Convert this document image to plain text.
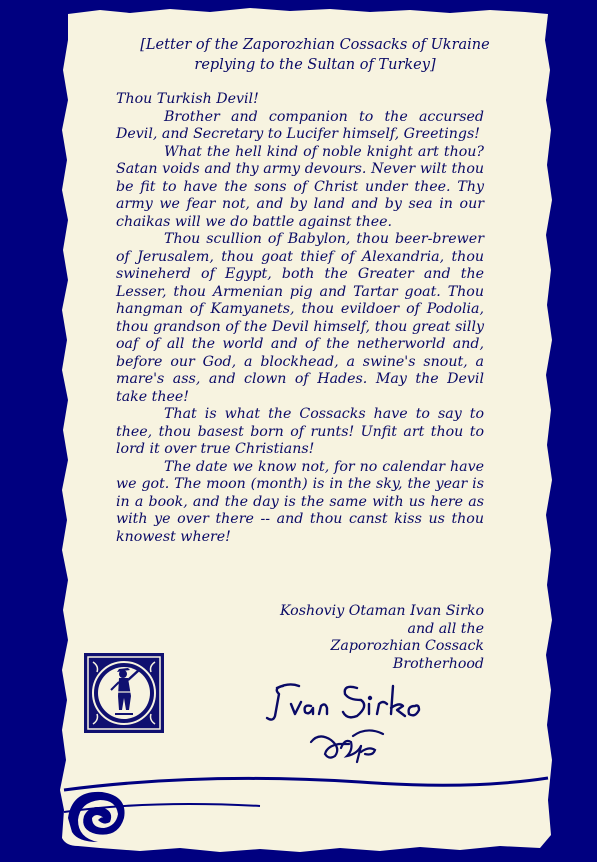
[Letter of the Zaporozhian Cossacks of Ukraine
replying to the Sultan of Turkey]

Thou Turkish Devil!

Brother and companion to the accursed Devil, and Secretary to Lucifer himself, Greetings!

What the hell kind of noble knight art thou? Satan voids and thy army devours. Never wilt thou be fit to have the sons of Christ under thee. Thy army we fear not, and by land and by sea in our chaikas will we do battle against thee.

Thou scullion of Babylon, thou beer-brewer of Jerusalem, thou goat thief of Alexandria, thou swineherd of Egypt, both the Greater and the Lesser, thou Armenian pig and Tartar goat. Thou hangman of Kamyanets, thou evildoer of Podolia, thou grandson of the Devil himself, thou great silly oaf of all the world and of the netherworld and, before our God, a blockhead, a swine's snout, a mare's ass, and clown of Hades. May the Devil take thee!

That is what the Cossacks have to say to thee, thou basest born of runts! Unfit art thou to lord it over true Christians!

The date we know not, for no calendar have we got. The moon (month) is in the sky, the year is in a book, and the day is the same with us here as with ye over there -- and thou canst kiss us thou knowest where!

Koshoviy Otaman Ivan Sirko
and all the
Zaporozhian Cossack
Brotherhood
